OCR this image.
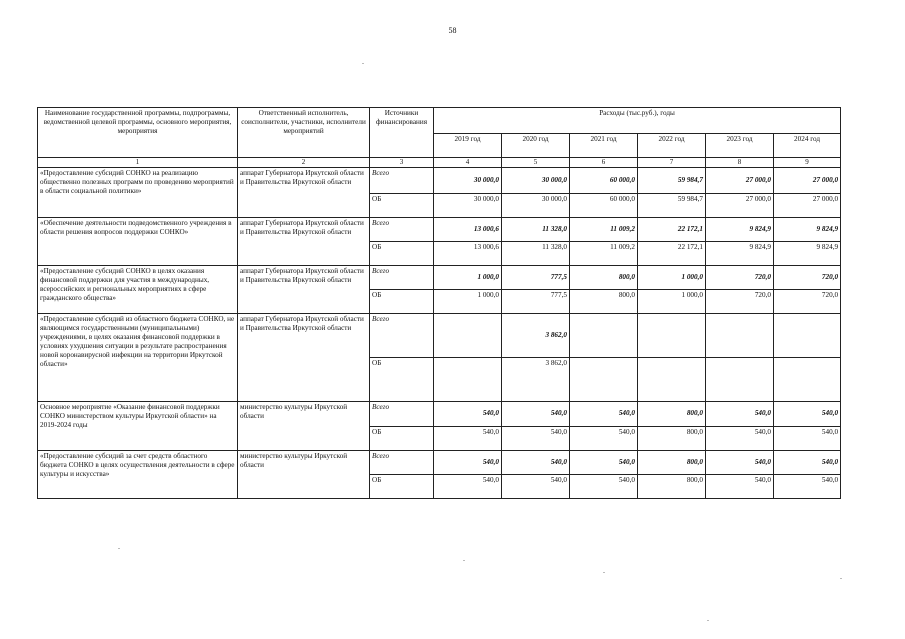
58
Наименование государственной программы, подпрограммы, ведомственной целевой программы, основного мероприятия, мероприятия	Ответственный исполнитель, соисполнители, участники, исполнители мероприятий	Источники финансирования	Расходы (тыс.руб.), годы					
			2019 год	2020 год	2021 год	2022 год	2023 год	2024 год
1	2	3	4	5	6	7	8	9
«Предоставление субсидий СОНКО на реализацию общественно полезных программ по проведению мероприятий в области социальной политики»	аппарат Губернатора Иркутской области и Правительства Иркутской области	Всего	30 000,0	30 000,0	60 000,0	59 984,7	27 000,0	27 000,0
		ОБ	30 000,0	30 000,0	60 000,0	59 984,7	27 000,0	27 000,0
«Обеспечение деятельности подведомственного учреждения в области решения вопросов поддержки СОНКО»	аппарат Губернатора Иркутской области и Правительства Иркутской области	Всего	13 000,6	11 328,0	11 009,2	22 172,1	9 824,9	9 824,9
		ОБ	13 000,6	11 328,0	11 009,2	22 172,1	9 824,9	9 824,9
«Предоставление субсидий СОНКО в целях оказания финансовой поддержки для участия в международных, всероссийских и региональных мероприятиях в сфере гражданского общества»	аппарат Губернатора Иркутской области и Правительства Иркутской области	Всего	1 000,0	777,5	800,0	1 000,0	720,0	720,0
		ОБ	1 000,0	777,5	800,0	1 000,0	720,0	720,0
«Предоставление субсидий из областного бюджета СОНКО, не являющимся государственными (муниципальными) учреждениями, в целях оказания финансовой поддержки в условиях ухудшения ситуации в результате распространения новой коронавирусной инфекции на территории Иркутской области»	аппарат Губернатора Иркутской области и Правительства Иркутской области	Всего		3 862,0				
		ОБ		3 862,0				
Основное мероприятие «Оказание финансовой поддержки СОНКО министерством культуры Иркутской области» на 2019-2024 годы	министерство культуры Иркутской области	Всего	540,0	540,0	540,0	800,0	540,0	540,0
		ОБ	540,0	540,0	540,0	800,0	540,0	540,0
«Предоставление субсидий за счет средств областного бюджета СОНКО в целях осуществления деятельности в сфере культуры и искусства»	министерство культуры Иркутской области	Всего	540,0	540,0	540,0	800,0	540,0	540,0
		ОБ	540,0	540,0	540,0	800,0	540,0	540,0
